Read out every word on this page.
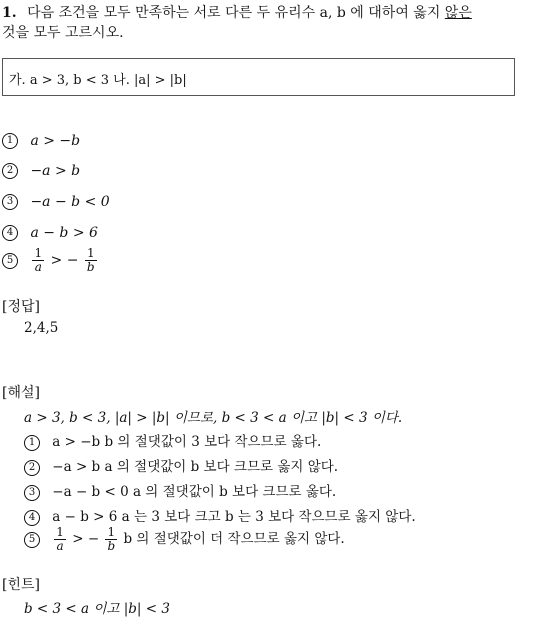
1. 다음 조건을 모두 만족하는 서로 다른 두 유리수 a, b 에 대하여 옳지 않은
것을 모두 고르시오.
가. a > 3, b < 3 나. |a| > |b|
1 a > −b
2 −a > b
3 −a − b < 0
4 a − b > 6
$5 \frac{1}{a}$ > − $\frac{1}{b}$
[정답]
2,4,5
[해설]
a > 3, b < 3, |a| > |b| 이므로, b < 3 < a 이고 |b| < 3 이다.
1 a > −b b 의 절댓값이 3 보다 작으므로 옳다.
2 −a > b a 의 절댓값이 b 보다 크므로 옳지 않다.
3 −a − b < 0 a 의 절댓값이 b 보다 크므로 옳다.
4 a − b > 6 a 는 3 보다 크고 b 는 3 보다 작으므로 옳지 않다.
$5 \frac{1}{a}$ > − $\frac{1}{b}$ b 의 절댓값이 더 작으므로 옳지 않다.
[힌트]
b < 3 < a 이고 |b| < 3
